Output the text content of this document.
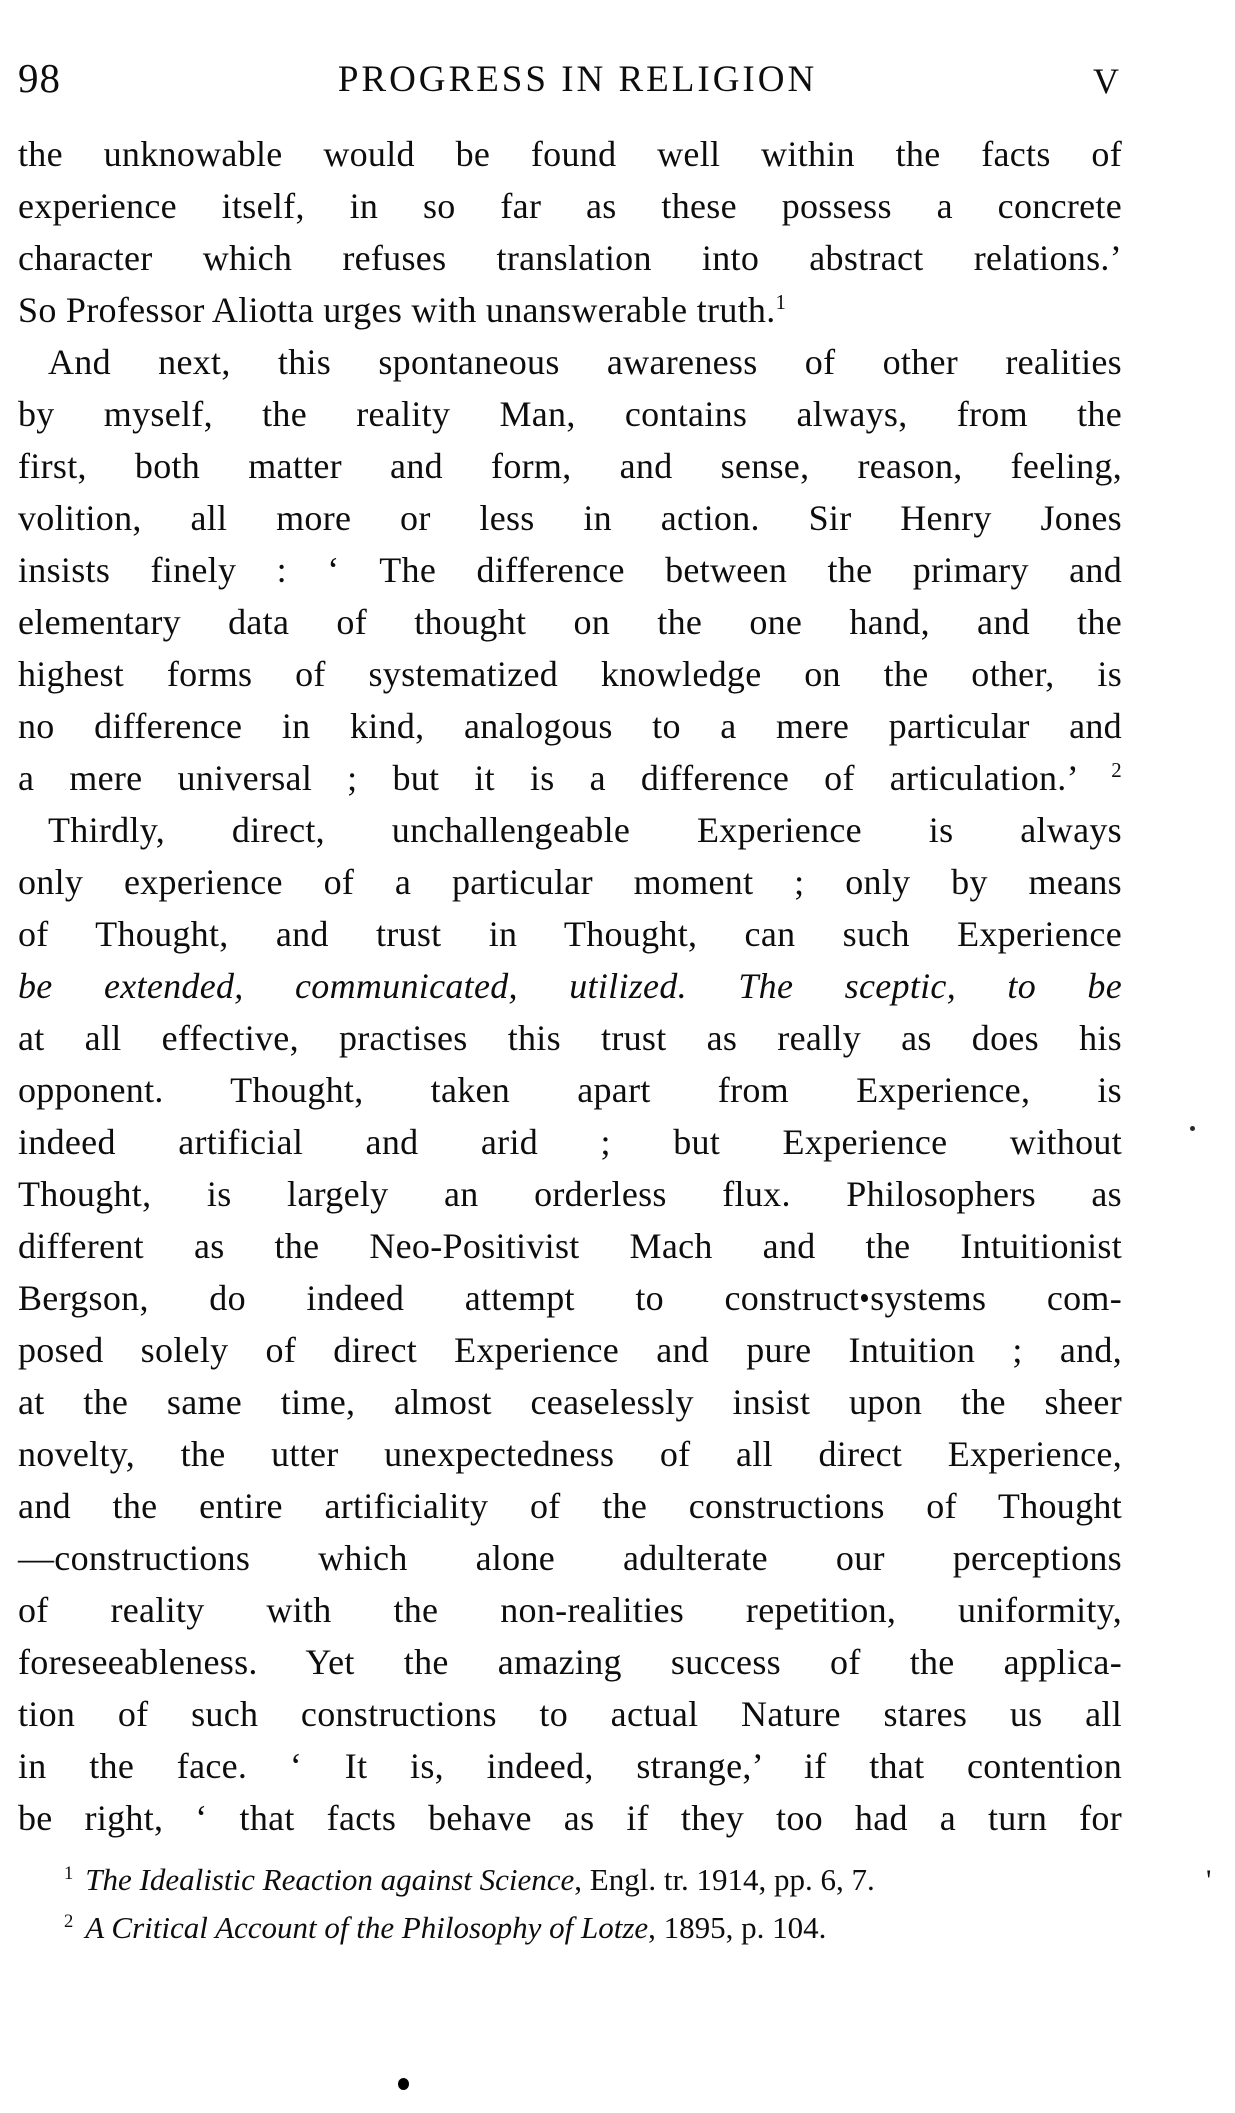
98	PROGRESS IN RELIGION	V
the unknowable would be found well within the facts of
experience itself, in so far as these possess a concrete
character which refuses translation into abstract relations.’
So Professor Aliotta urges with unanswerable truth.$^1$
And next, this spontaneous awareness of other realities
by myself, the reality Man, contains always, from the
first, both matter and form, and sense, reason, feeling,
volition, all more or less in action. Sir Henry Jones
insists finely : ‘ The difference between the primary and
elementary data of thought on the one hand, and the
highest forms of systematized knowledge on the other, is
no difference in kind, analogous to a mere particular and
a mere universal ; but it is a difference of articulation.’ $^2$
Thirdly, direct, unchallengeable Experience is always
only experience of a particular moment ; only by means
of Thought, and trust in Thought, can such Experience
be extended, communicated, utilized. The sceptic, to be
at all effective, practises this trust as really as does his
opponent. Thought, taken apart from Experience, is
indeed artificial and arid ; but Experience without
Thought, is largely an orderless flux. Philosophers as
different as the Neo-Positivist Mach and the Intuitionist
Bergson, do indeed attempt to construct systems com-
posed solely of direct Experience and pure Intuition ; and,
at the same time, almost ceaselessly insist upon the sheer
novelty, the utter unexpectedness of all direct Experience,
and the entire artificiality of the constructions of Thought
—constructions which alone adulterate our perceptions
of reality with the non-realities repetition, uniformity,
foreseeableness. Yet the amazing success of the applica-
tion of such constructions to actual Nature stares us all
in the face. ‘ It is, indeed, strange,’ if that contention
be right, ‘ that facts behave as if they too had a turn for
$^1$ The Idealistic Reaction against Science, Engl. tr. 1914, pp. 6, 7.
$^2$ A Critical Account of the Philosophy of Lotze, 1895, p. 104.
'
